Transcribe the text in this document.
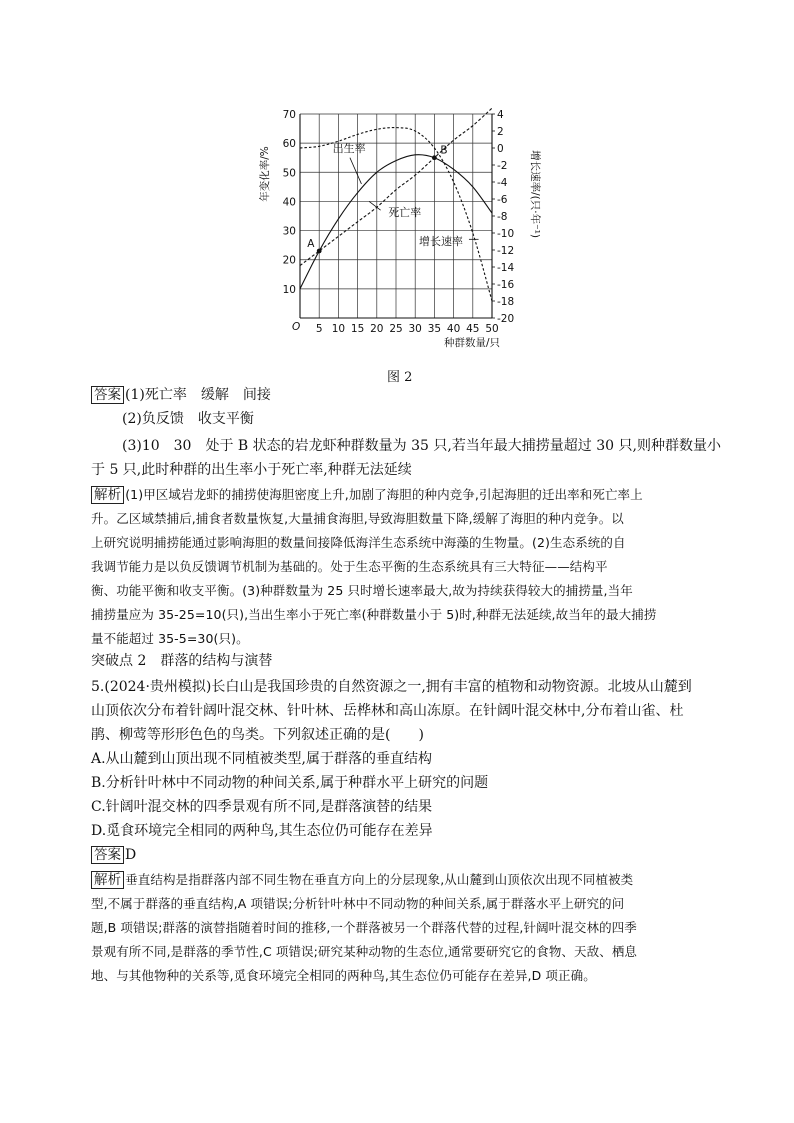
5 10 15 20 25 30 35 40 45 50
O
10
20
30
40
50
60
70	4
2
0
-2
-4
-6
-8
-10
-12
-14
-16
-18
-20
年变化率/%	增长速率/(只·年⁻¹)
种群数量/只
A
B
出生率
死亡率
增长速率
图 2
答案 (1)死亡率　缓解　间接
(2)负反馈　收支平衡
(3)10　30　处于 B 状态的岩龙虾种群数量为 35 只,若当年最大捕捞量超过 30 只,则种群数量小
于 5 只,此时种群的出生率小于死亡率,种群无法延续
解析 (1)甲区域岩龙虾的捕捞使海胆密度上升,加剧了海胆的种内竞争,引起海胆的迁出率和死亡率上
升。乙区域禁捕后,捕食者数量恢复,大量捕食海胆,导致海胆数量下降,缓解了海胆的种内竞争。以
上研究说明捕捞能通过影响海胆的数量间接降低海洋生态系统中海藻的生物量。(2)生态系统的自
我调节能力是以负反馈调节机制为基础的。处于生态平衡的生态系统具有三大特征——结构平
衡、功能平衡和收支平衡。(3)种群数量为 25 只时增长速率最大,故为持续获得较大的捕捞量,当年
捕捞量应为 35-25=10(只),当出生率小于死亡率(种群数量小于 5)时,种群无法延续,故当年的最大捕捞
量不能超过 35-5=30(只)。
突破点 2　群落的结构与演替
5.(2024·贵州模拟)长白山是我国珍贵的自然资源之一,拥有丰富的植物和动物资源。北坡从山麓到
山顶依次分布着针阔叶混交林、针叶林、岳桦林和高山冻原。在针阔叶混交林中,分布着山雀、杜
鹃、柳莺等形形色色的鸟类。下列叙述正确的是(　　)
A.从山麓到山顶出现不同植被类型,属于群落的垂直结构
B.分析针叶林中不同动物的种间关系,属于种群水平上研究的问题
C.针阔叶混交林的四季景观有所不同,是群落演替的结果
D.觅食环境完全相同的两种鸟,其生态位仍可能存在差异
答案 D
解析 垂直结构是指群落内部不同生物在垂直方向上的分层现象,从山麓到山顶依次出现不同植被类
型,不属于群落的垂直结构,A 项错误;分析针叶林中不同动物的种间关系,属于群落水平上研究的问
题,B 项错误;群落的演替指随着时间的推移,一个群落被另一个群落代替的过程,针阔叶混交林的四季
景观有所不同,是群落的季节性,C 项错误;研究某种动物的生态位,通常要研究它的食物、天敌、栖息
地、与其他物种的关系等,觅食环境完全相同的两种鸟,其生态位仍可能存在差异,D 项正确。
